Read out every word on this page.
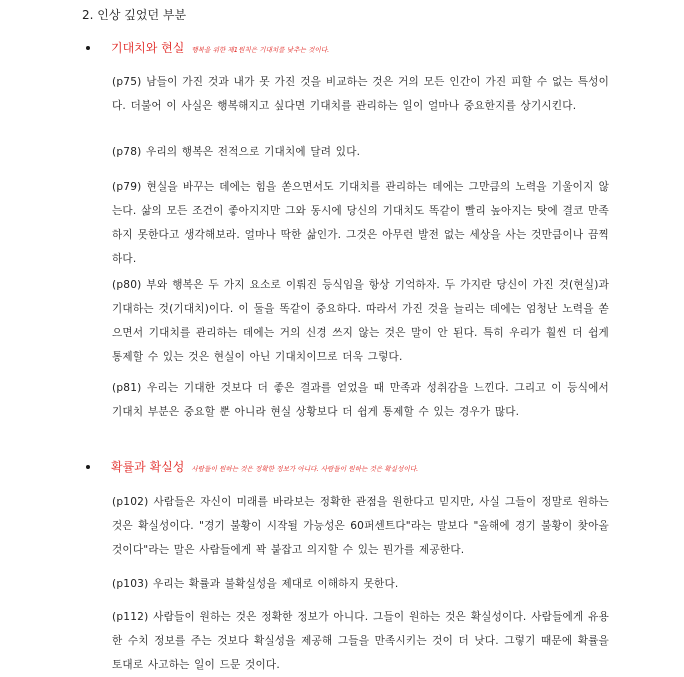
2. 인상 깊었던 부분
기대치와 현실 행복을 위한 제1원칙은 기대치를 낮추는 것이다.
(p75) 남들이 가진 것과 내가 못 가진 것을 비교하는 것은 거의 모든 인간이 가진 피할 수 없는 특성이다. 더불어 이 사실은 행복해지고 싶다면 기대치를 관리하는 일이 얼마나 중요한지를 상기시킨다.
(p78) 우리의 행복은 전적으로 기대치에 달려 있다.
(p79) 현실을 바꾸는 데에는 힘을 쏟으면서도 기대치를 관리하는 데에는 그만큼의 노력을 기울이지 않는다. 삶의 모든 조건이 좋아지지만 그와 동시에 당신의 기대치도 똑같이 빨리 높아지는 탓에 결코 만족하지 못한다고 생각해보라. 얼마나 딱한 삶인가. 그것은 아무런 발전 없는 세상을 사는 것만큼이나 끔찍하다.
(p80) 부와 행복은 두 가지 요소로 이뤄진 등식임을 항상 기억하자. 두 가지란 당신이 가진 것(현실)과 기대하는 것(기대치)이다. 이 둘을 똑같이 중요하다. 따라서 가진 것을 늘리는 데에는 엄청난 노력을 쏟으면서 기대치를 관리하는 데에는 거의 신경 쓰지 않는 것은 말이 안 된다. 특히 우리가 훨씬 더 쉽게 통제할 수 있는 것은 현실이 아닌 기대치이므로 더욱 그렇다.
(p81) 우리는 기대한 것보다 더 좋은 결과를 얻었을 때 만족과 성취감을 느낀다. 그리고 이 등식에서 기대치 부분은 중요할 뿐 아니라 현실 상황보다 더 쉽게 통제할 수 있는 경우가 많다.
확률과 확실성 사람들이 원하는 것은 정확한 정보가 아니다. 사람들이 원하는 것은 확실성이다.
(p102) 사람들은 자신이 미래를 바라보는 정확한 관점을 원한다고 믿지만, 사실 그들이 정말로 원하는 것은 확실성이다. "경기 불황이 시작될 가능성은 60퍼센트다"라는 말보다 "올해에 경기 불황이 찾아올 것이다"라는 말은 사람들에게 꽉 붙잡고 의지할 수 있는 뭔가를 제공한다.
(p103) 우리는 확률과 불확실성을 제대로 이해하지 못한다.
(p112) 사람들이 원하는 것은 정확한 정보가 아니다. 그들이 원하는 것은 확실성이다. 사람들에게 유용한 수치 정보를 주는 것보다 확실성을 제공해 그들을 만족시키는 것이 더 낫다. 그렇기 때문에 확률을 토대로 사고하는 일이 드문 것이다.
